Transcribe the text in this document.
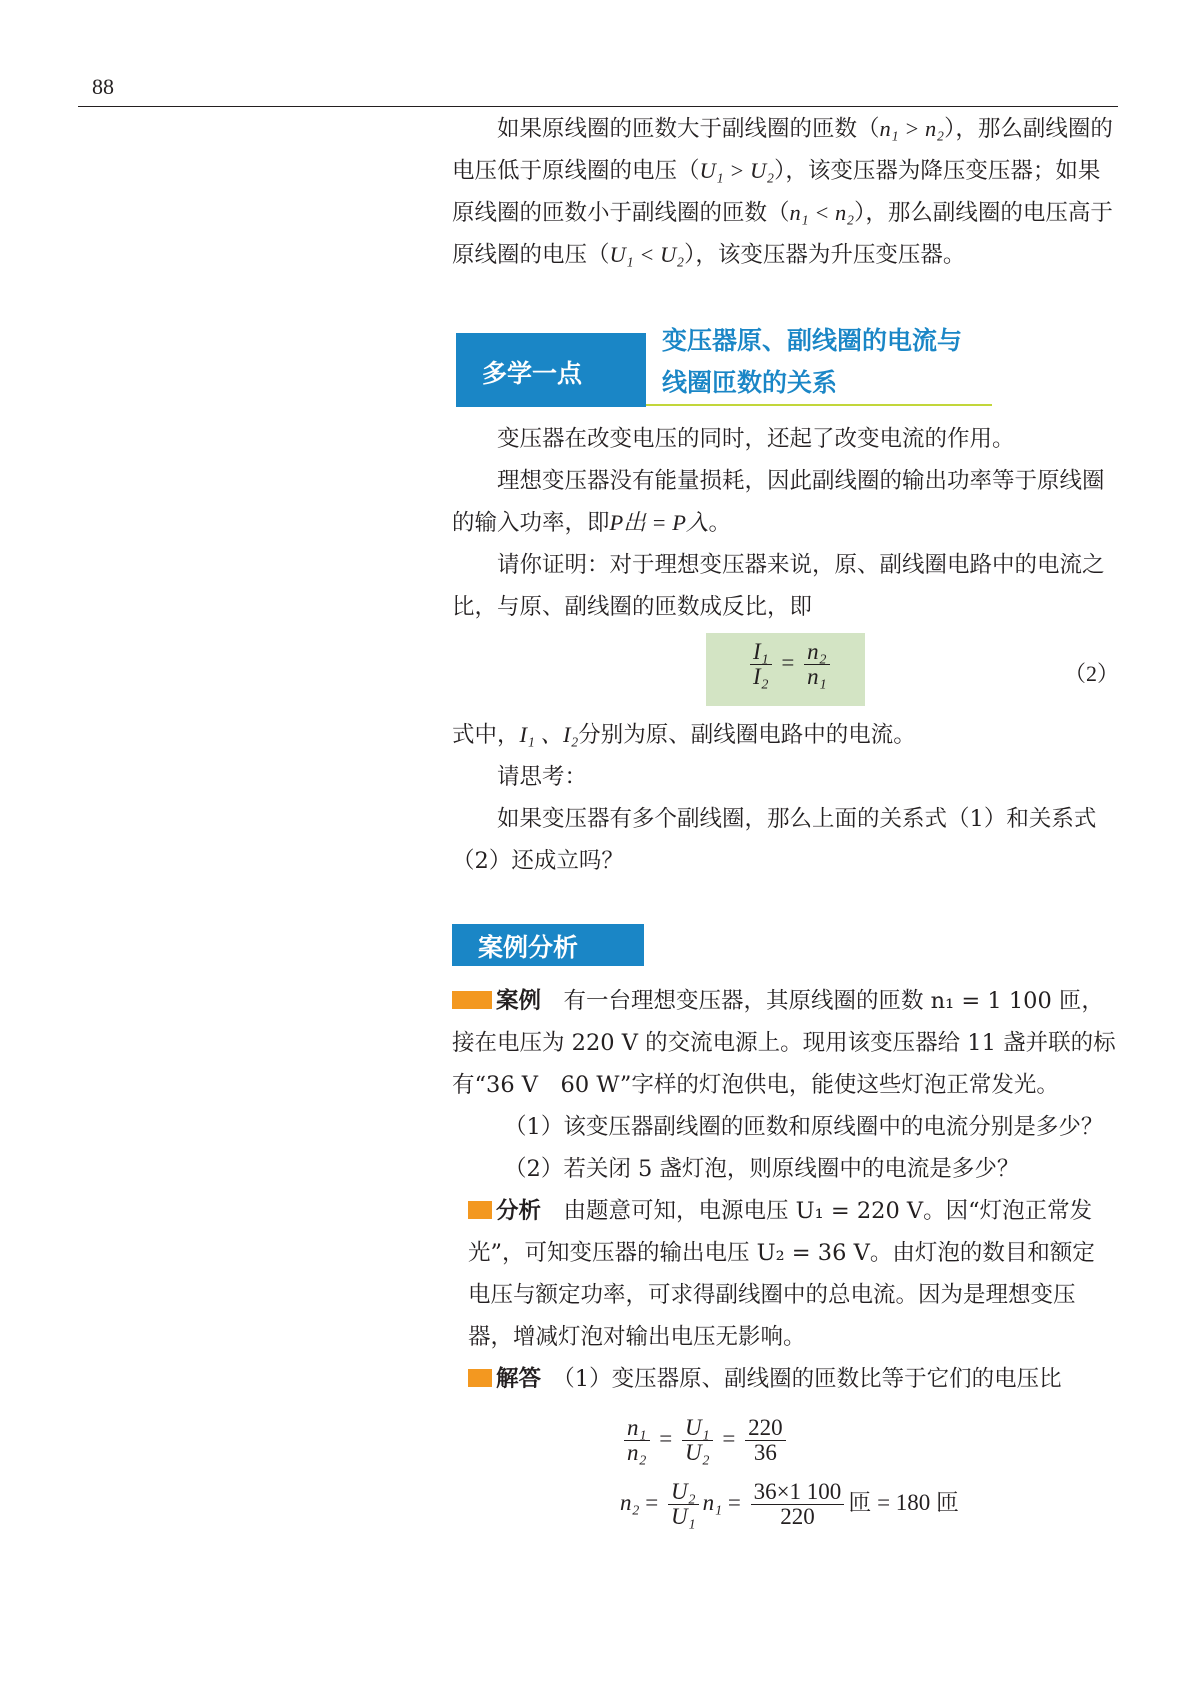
88

如果原线圈的匝数大于副线圈的匝数（n₁ > n₂），那么副线圈的电压低于原线圈的电压（U₁ > U₂），该变压器为降压变压器；如果原线圈的匝数小于副线圈的匝数（n₁ < n₂），那么副线圈的电压高于原线圈的电压（U₁ < U₂），该变压器为升压变压器。

多学一点
变压器原、副线圈的电流与
线圈匝数的关系

变压器在改变电压的同时，还起了改变电流的作用。

理想变压器没有能量损耗，因此副线圈的输出功率等于原线圈的输入功率，即P出 = P入。

请你证明：对于理想变压器来说，原、副线圈电路中的电流之比，与原、副线圈的匝数成反比，即

$\frac{\text{I₁}}{\text{I₂}} = \frac{\text{n₂}}{\text{n₁}}$	（2）

式中，I₁ 、I₂分别为原、副线圈电路中的电流。

请思考：

如果变压器有多个副线圈，那么上面的关系式（1）和关系式（2）还成立吗？

案例分析

案例　 有一台理想变压器，其原线圈的匝数 n₁ = 1 100 匝，接在电压为 220 V 的交流电源上。现用该变压器给 11 盏并联的标有“36 V　60 W”字样的灯泡供电，能使这些灯泡正常发光。

（1）该变压器副线圈的匝数和原线圈中的电流分别是多少？

（2）若关闭 5 盏灯泡，则原线圈中的电流是多少？

分析　 由题意可知，电源电压 U₁ = 220 V。因“灯泡正常发光”，可知变压器的输出电压 U₂ = 36 V。由灯泡的数目和额定电压与额定功率，可求得副线圈中的总电流。因为是理想变压器，增减灯泡对输出电压无影响。

解答　 （1）变压器原、副线圈的匝数比等于它们的电压比

$\frac{\text{n₁}}{\text{n₂}} = \frac{\text{U₁}}{\text{U₂}} = \frac{220}{36}$
$n_2 = \frac{\text{U₂}}{\text{U₁}} n_1 = \frac{36\times 1 100}{220}$ 匝 = 180 匝
